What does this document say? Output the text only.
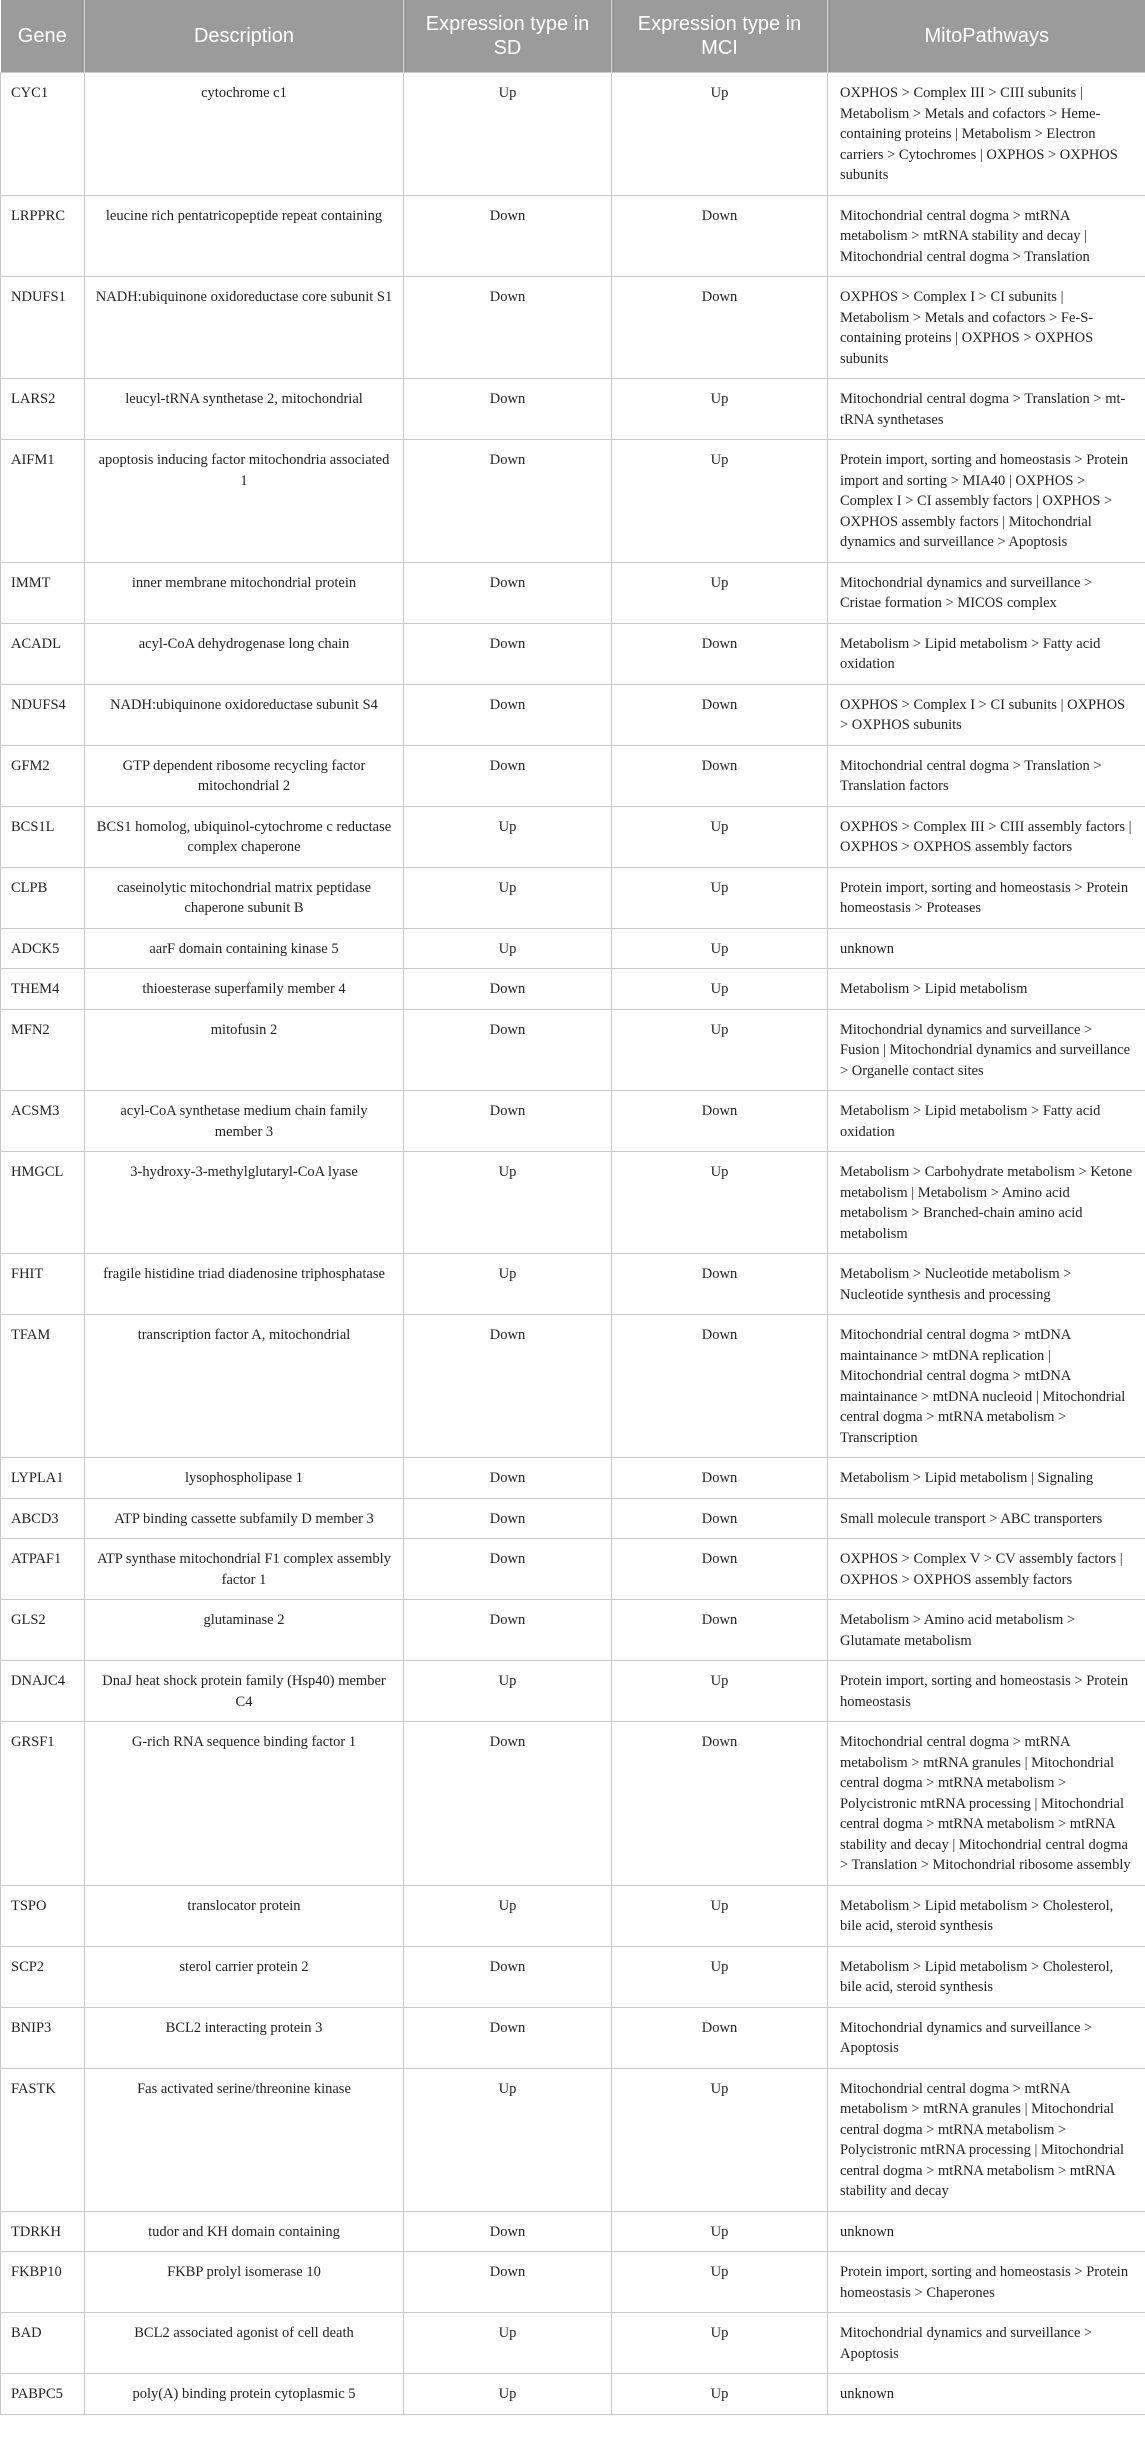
Gene	Description	Expression type in SD	Expression type in MCI	MitoPathways
CYC1	cytochrome c1	Up	Up	OXPHOS > Complex III > CIII subunits | Metabolism > Metals and cofactors > Heme-containing proteins | Metabolism > Electron carriers > Cytochromes | OXPHOS > OXPHOS subunits
LRPPRC	leucine rich pentatricopeptide repeat containing	Down	Down	Mitochondrial central dogma > mtRNA metabolism > mtRNA stability and decay | Mitochondrial central dogma > Translation
NDUFS1	NADH:ubiquinone oxidoreductase core subunit S1	Down	Down	OXPHOS > Complex I > CI subunits | Metabolism > Metals and cofactors > Fe-S-containing proteins | OXPHOS > OXPHOS subunits
LARS2	leucyl-tRNA synthetase 2, mitochondrial	Down	Up	Mitochondrial central dogma > Translation > mt-tRNA synthetases
AIFM1	apoptosis inducing factor mitochondria associated 1	Down	Up	Protein import, sorting and homeostasis > Protein import and sorting > MIA40 | OXPHOS > Complex I > CI assembly factors | OXPHOS > OXPHOS assembly factors | Mitochondrial dynamics and surveillance > Apoptosis
IMMT	inner membrane mitochondrial protein	Down	Up	Mitochondrial dynamics and surveillance > Cristae formation > MICOS complex
ACADL	acyl-CoA dehydrogenase long chain	Down	Down	Metabolism > Lipid metabolism > Fatty acid oxidation
NDUFS4	NADH:ubiquinone oxidoreductase subunit S4	Down	Down	OXPHOS > Complex I > CI subunits | OXPHOS > OXPHOS subunits
GFM2	GTP dependent ribosome recycling factor mitochondrial 2	Down	Down	Mitochondrial central dogma > Translation > Translation factors
BCS1L	BCS1 homolog, ubiquinol-cytochrome c reductase complex chaperone	Up	Up	OXPHOS > Complex III > CIII assembly factors | OXPHOS > OXPHOS assembly factors
CLPB	caseinolytic mitochondrial matrix peptidase chaperone subunit B	Up	Up	Protein import, sorting and homeostasis > Protein homeostasis > Proteases
ADCK5	aarF domain containing kinase 5	Up	Up	unknown
THEM4	thioesterase superfamily member 4	Down	Up	Metabolism > Lipid metabolism
MFN2	mitofusin 2	Down	Up	Mitochondrial dynamics and surveillance > Fusion | Mitochondrial dynamics and surveillance > Organelle contact sites
ACSM3	acyl-CoA synthetase medium chain family member 3	Down	Down	Metabolism > Lipid metabolism > Fatty acid oxidation
HMGCL	3-hydroxy-3-methylglutaryl-CoA lyase	Up	Up	Metabolism > Carbohydrate metabolism > Ketone metabolism | Metabolism > Amino acid metabolism > Branched-chain amino acid metabolism
FHIT	fragile histidine triad diadenosine triphosphatase	Up	Down	Metabolism > Nucleotide metabolism > Nucleotide synthesis and processing
TFAM	transcription factor A, mitochondrial	Down	Down	Mitochondrial central dogma > mtDNA maintainance > mtDNA replication | Mitochondrial central dogma > mtDNA maintainance > mtDNA nucleoid | Mitochondrial central dogma > mtRNA metabolism > Transcription
LYPLA1	lysophospholipase 1	Down	Down	Metabolism > Lipid metabolism | Signaling
ABCD3	ATP binding cassette subfamily D member 3	Down	Down	Small molecule transport > ABC transporters
ATPAF1	ATP synthase mitochondrial F1 complex assembly factor 1	Down	Down	OXPHOS > Complex V > CV assembly factors | OXPHOS > OXPHOS assembly factors
GLS2	glutaminase 2	Down	Down	Metabolism > Amino acid metabolism > Glutamate metabolism
DNAJC4	DnaJ heat shock protein family (Hsp40) member C4	Up	Up	Protein import, sorting and homeostasis > Protein homeostasis
GRSF1	G-rich RNA sequence binding factor 1	Down	Down	Mitochondrial central dogma > mtRNA metabolism > mtRNA granules | Mitochondrial central dogma > mtRNA metabolism > Polycistronic mtRNA processing | Mitochondrial central dogma > mtRNA metabolism > mtRNA stability and decay | Mitochondrial central dogma > Translation > Mitochondrial ribosome assembly
TSPO	translocator protein	Up	Up	Metabolism > Lipid metabolism > Cholesterol, bile acid, steroid synthesis
SCP2	sterol carrier protein 2	Down	Up	Metabolism > Lipid metabolism > Cholesterol, bile acid, steroid synthesis
BNIP3	BCL2 interacting protein 3	Down	Down	Mitochondrial dynamics and surveillance > Apoptosis
FASTK	Fas activated serine/threonine kinase	Up	Up	Mitochondrial central dogma > mtRNA metabolism > mtRNA granules | Mitochondrial central dogma > mtRNA metabolism > Polycistronic mtRNA processing | Mitochondrial central dogma > mtRNA metabolism > mtRNA stability and decay
TDRKH	tudor and KH domain containing	Down	Up	unknown
FKBP10	FKBP prolyl isomerase 10	Down	Up	Protein import, sorting and homeostasis > Protein homeostasis > Chaperones
BAD	BCL2 associated agonist of cell death	Up	Up	Mitochondrial dynamics and surveillance > Apoptosis
PABPC5	poly(A) binding protein cytoplasmic 5	Up	Up	unknown
